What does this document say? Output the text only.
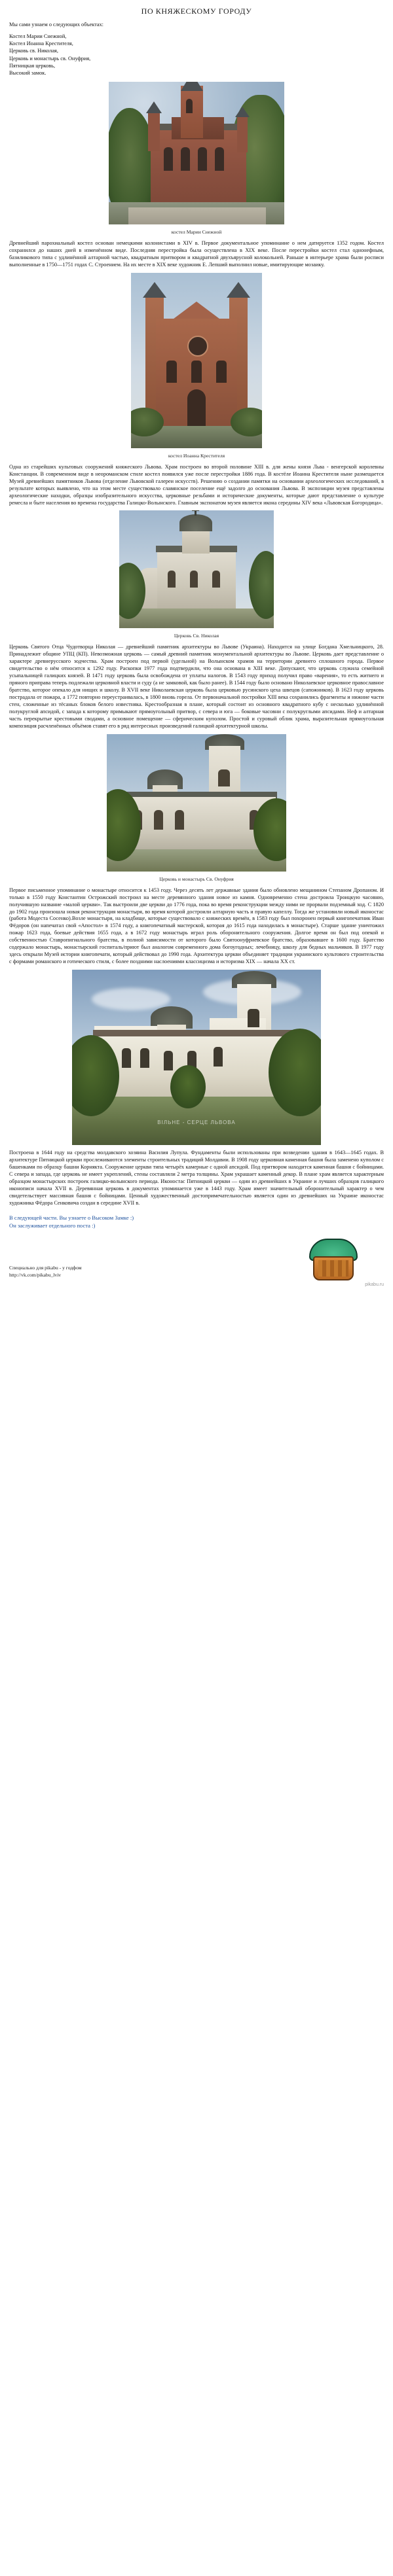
ПО КНЯЖЕСКОМУ ГОРОДУ
Мы сами узнаем о следующих объектах:
Костел Марии Снежной,
Костел Иоанна Крестителя,
Церковь св. Николая,
Церковь и монастырь св. Онуфрия,
Пятницкая церковь,
Высокий замок.
костел Марии Снежной
Древнейший парохиальный костел основан немецкими колонистами в XIV в. Первое документальное упоминание о нем датируется 1352 годом. Костел сохранился до наших дней в изменённом виде. Последняя перестройка была осуществлена в XIX веке. После перестройки костел стал однонефным, базиликового типа с удлинённой алтарной частью, квадратным притвором и квадратной двухъярусной колокольней. Раньше в интерьере храма были росписи выполненные в 1750—1751 годах С. Строением. На их месте в XIX веке художник Е. Лепший выполнил новые, имитирующие мозаику.
костел Иоанна Крестителя
Одна из старейших культовых сооружений княжеского Львова. Храм построен во второй половине XIII в. для жены князя Льва - венгерской королевны Констанции. В современном виде в неороманском стиле костел появился уже после перестройки 1886 года. В костёле Иоанна Крестителя ныне размещается Музей древнейших памятников Львова (отделение Львовской галереи искусств). Решению о создании памятки на основании археологических исследований, в результате которых выявлено, что на этом месте существовало славянское поселение ещё задолго до основания Львова. В экспозиции музея представлены археологические находки, образцы изобразительного искусства, церковные резьбами и исторические документы, которые дают представление о культуре ремесла и быте населения во времена государства Галицко-Волынского. Главным экспонатом музея является икона середины XIV века «Львовская Богородица».
Церковь Св. Николая
Церковь Святого Отца Чудотворца Николая — древнейший памятник архитектуры во Львове (Украина). Находится на улице Богдана Хмельницкого, 28. Принадлежит общине УПЦ (КП). Невозможная церковь — самый древний памятник монументальной архитектуры во Львове. Церковь дает представление о характере древнерусского зодчества. Храм построен под первой (удельной) на Волынском храмов на территории древнего сплошного города. Первое свидетельство о нём относится к 1292 году. Раскопки 1977 года подтвердили, что она основана в XIII веке. Допускают, что церковь служила семейной усыпальницей галицких князей. В 1471 году церковь была освобождена от уплаты налогов. В 1543 году приход получил право «варения», то есть житнего и пряного приправа теперь подлежали церковной власти и суду (а не замковой, как было ранее). В 1544 году было основано Николаевское церковное православное братство, которое опекало для нищих и школу. В XVII веке Николаевская церковь была церковью русинского цеха швецов (сапожников). В 1623 году церковь пострадала от пожара, а 1772 повторно переустраивалась, в 1800 вновь горела. От первоначальной постройки XIII века сохранились фрагменты и нижние части стен, сложенные из тёсаных блоков белого известняка. Крестообразная в плане, который состоит из основного квадратного кубу с несколько удлинённой полукруглой апсидой, с запада к которому примыкают прямоугольный притвор, с севера и юга — боковые часовни с полукруглыми апсидами. Неф и алтарная часть перекрытые крестовыми сводами, а основное помещение — сферическим куполом. Простой и суровый облик храма, выразительная прямоугольная композиция расчленённых объёмов ставят его в ряд интересных произведений галицкой архитектурной школы.
Церковь и монастырь Св. Онуфрия
Первое письменное упоминание о монастыре относится к 1453 году. Через десять лет державные здания было обновлено мещанином Степаном Дропаном. И только в 1550 году Константин Острожский построил на месте деревянного здания новое из камня. Одновременно стена достроила Троицкую часовню, получившую название «малой церкви». Так выстроили две церкви до 1776 года, пока во время реконструкции между ними не прорвали подземный ход. С 1820 до 1902 года произошла новая реконструкция монастыря, во время которой достроили алтарную часть и правую капеллу. Тогда же установили новый иконостас (работа Модеста Сосенко).Возле монастыря, на кладбище, которые существовало с княжеских времён, в 1583 году был похоронен первый книгопечатник Иван Фёдоров (он напечатал свой «Апостол» в 1574 году, а книгопечатный мастерской, которая до 1615 года находилась в монастыре). Старше здание уничтожил пожар 1623 года, боевые действия 1655 года, а в 1672 году монастырь играл роль оборонительного сооружения. Долгое время он был под опекой и собственностью Ставропигиального братства, в полной зависимости от которого было Святоонуфриевское братство, образовавшее в 1600 году. Братство содержало монастырь, монастырский госпиталь/приют был аналогом современного дома богоугодных; лечебницу, школу для бедных мальчиков. В 1977 году здесь открыли Музей истории книгопечати, который действовал до 1990 года. Архитектура церкви объединяет традиции украинского культового строительства с формами романского и готического стиля, с более поздними наслоениями классицизма и историзма XIX — начала XX ст.
ВІЛЬНЕ - СЕРЦЕ ЛЬВОВА
Построена в 1644 году на средства молдавского хозяина Василия Лупула. Фундаменты были использованы при возведении здания в 1643—1645 годах. В архитектуре Пятницкой церкви прослеживаются элементы строительных традиций Молдавии. В 1908 году церковная каменная башня была заменено куполом с башенками по образцу башни Корнякта. Сооружение церкви типа четырёх камерные с одной апсидой. Под притвором находится каменная башня с бойницами. С севера и запада, где церковь не имеет укреплений, стены составляли 2 метра толщины. Храм украшает каменный декор. В плане храм является характерным образцом монастырских построек галицко-волынского периода. Иконостас Пятницкой церкви — один из древнейших в Украине и лучших образцов галицкого иконописи начала XVII в. Деревянная церковь в документах упоминается уже в 1443 году. Храм имеет значительный оборонительный характер о чем свидетельствует массивная башня с бойницами. Ценный художественный достопримечательностью является один из древнейших на Украине иконостас художника Фёдора Сенковича создан в середине XVII в.
В следующей части. Вы узнаете о Высоком Замке :)
Он заслуживает отдельного поста :)
Специально для pikabu - у годфом
http://vk.com/pikabu_lviv
pikabu.ru
